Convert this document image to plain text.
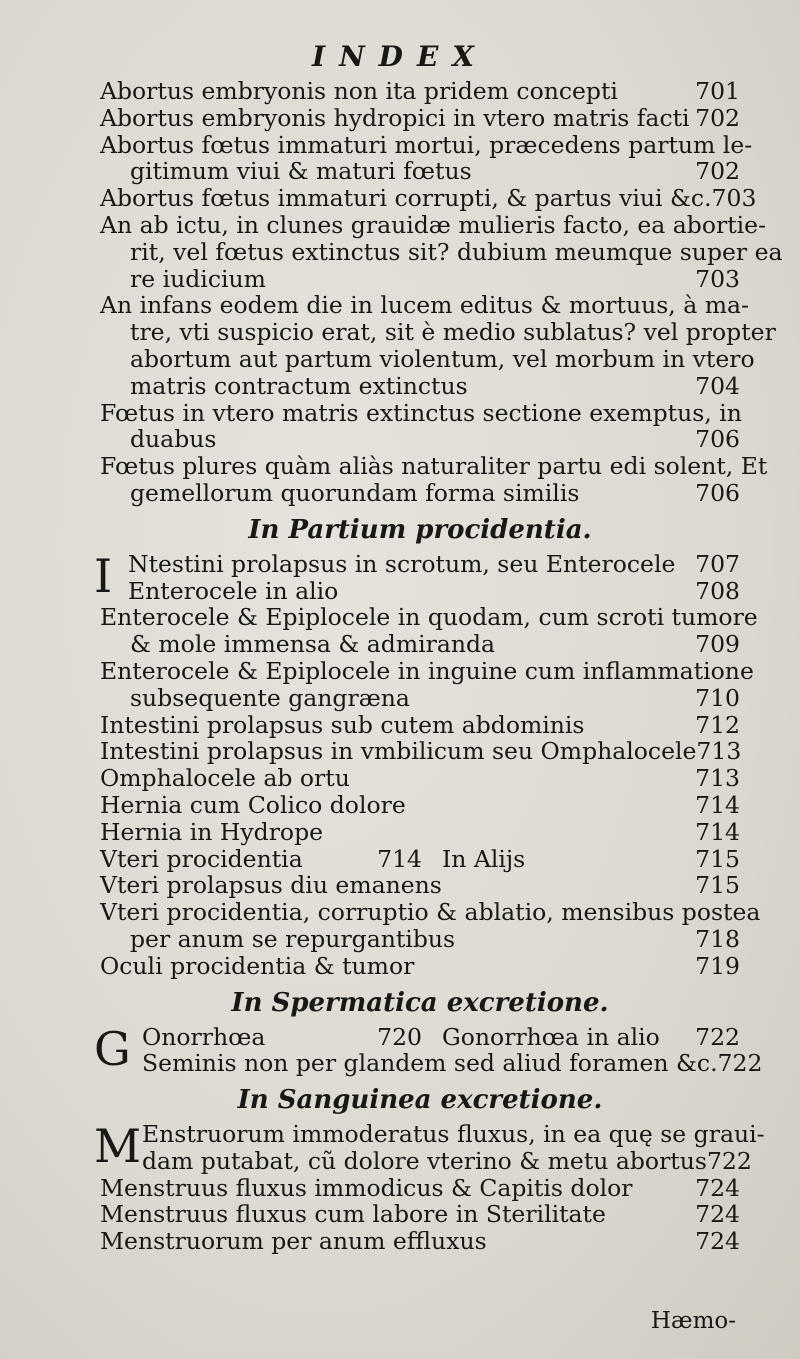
INDEX
Abortus embryonis non ita pridem concepti	701
Abortus embryonis hydropici in vtero matris facti 702
Abortus fœtus immaturi mortui, præcedens partum le-
gitimum viui & maturi fœtus	702
Abortus fœtus immaturi corrupti, & partus viui &c. 703
An ab ictu, in clunes grauidæ mulieris facto, ea abortie-
rit, vel fœtus extinctus sit? dubium meumque super ea
re iudicium	703
An infans eodem die in lucem editus & mortuus, à ma-
tre, vti suspicio erat, sit è medio sublatus? vel propter
abortum aut partum violentum, vel morbum in vtero
matris contractum extinctus	704
Fœtus in vtero matris extinctus sectione exemptus, in
duabus	706
Fœtus plures quàm aliàs naturaliter partu edi solent, Et
gemellorum quorundam forma similis	706
In Partium procidentia.
I Ntestini prolapsus in scrotum, seu Enterocele 707
Enterocele in alio	708
Enterocele & Epiplocele in quodam, cum scroti tumore
& mole immensa & admiranda	709
Enterocele & Epiplocele in inguine cum inflammatione
subsequente gangræna	710
Intestini prolapsus sub cutem abdominis	712
Intestini prolapsus in vmbilicum seu Omphalocele 713
Omphalocele ab ortu	713
Hernia cum Colico dolore	714
Hernia in Hydrope	714
Vteri procidentia	714 In Alijs	715
Vteri prolapsus diu emanens	715
Vteri procidentia, corruptio & ablatio, mensibus postea
per anum se repurgantibus	718
Oculi procidentia & tumor	719
In Spermatica excretione.
G Onorrhœa	720 Gonorrhœa in alio	722
Seminis non per glandem sed aliud foramen &c. 722
In Sanguinea excretione.
M Enstruorum immoderatus fluxus, in ea quę se graui-
dam putabat, cũ dolore vterino & metu abortus 722
Menstruus fluxus immodicus & Capitis dolor	724
Menstruus fluxus cum labore in Sterilitate	724
Menstruorum per anum effluxus	724
Hæmo-
